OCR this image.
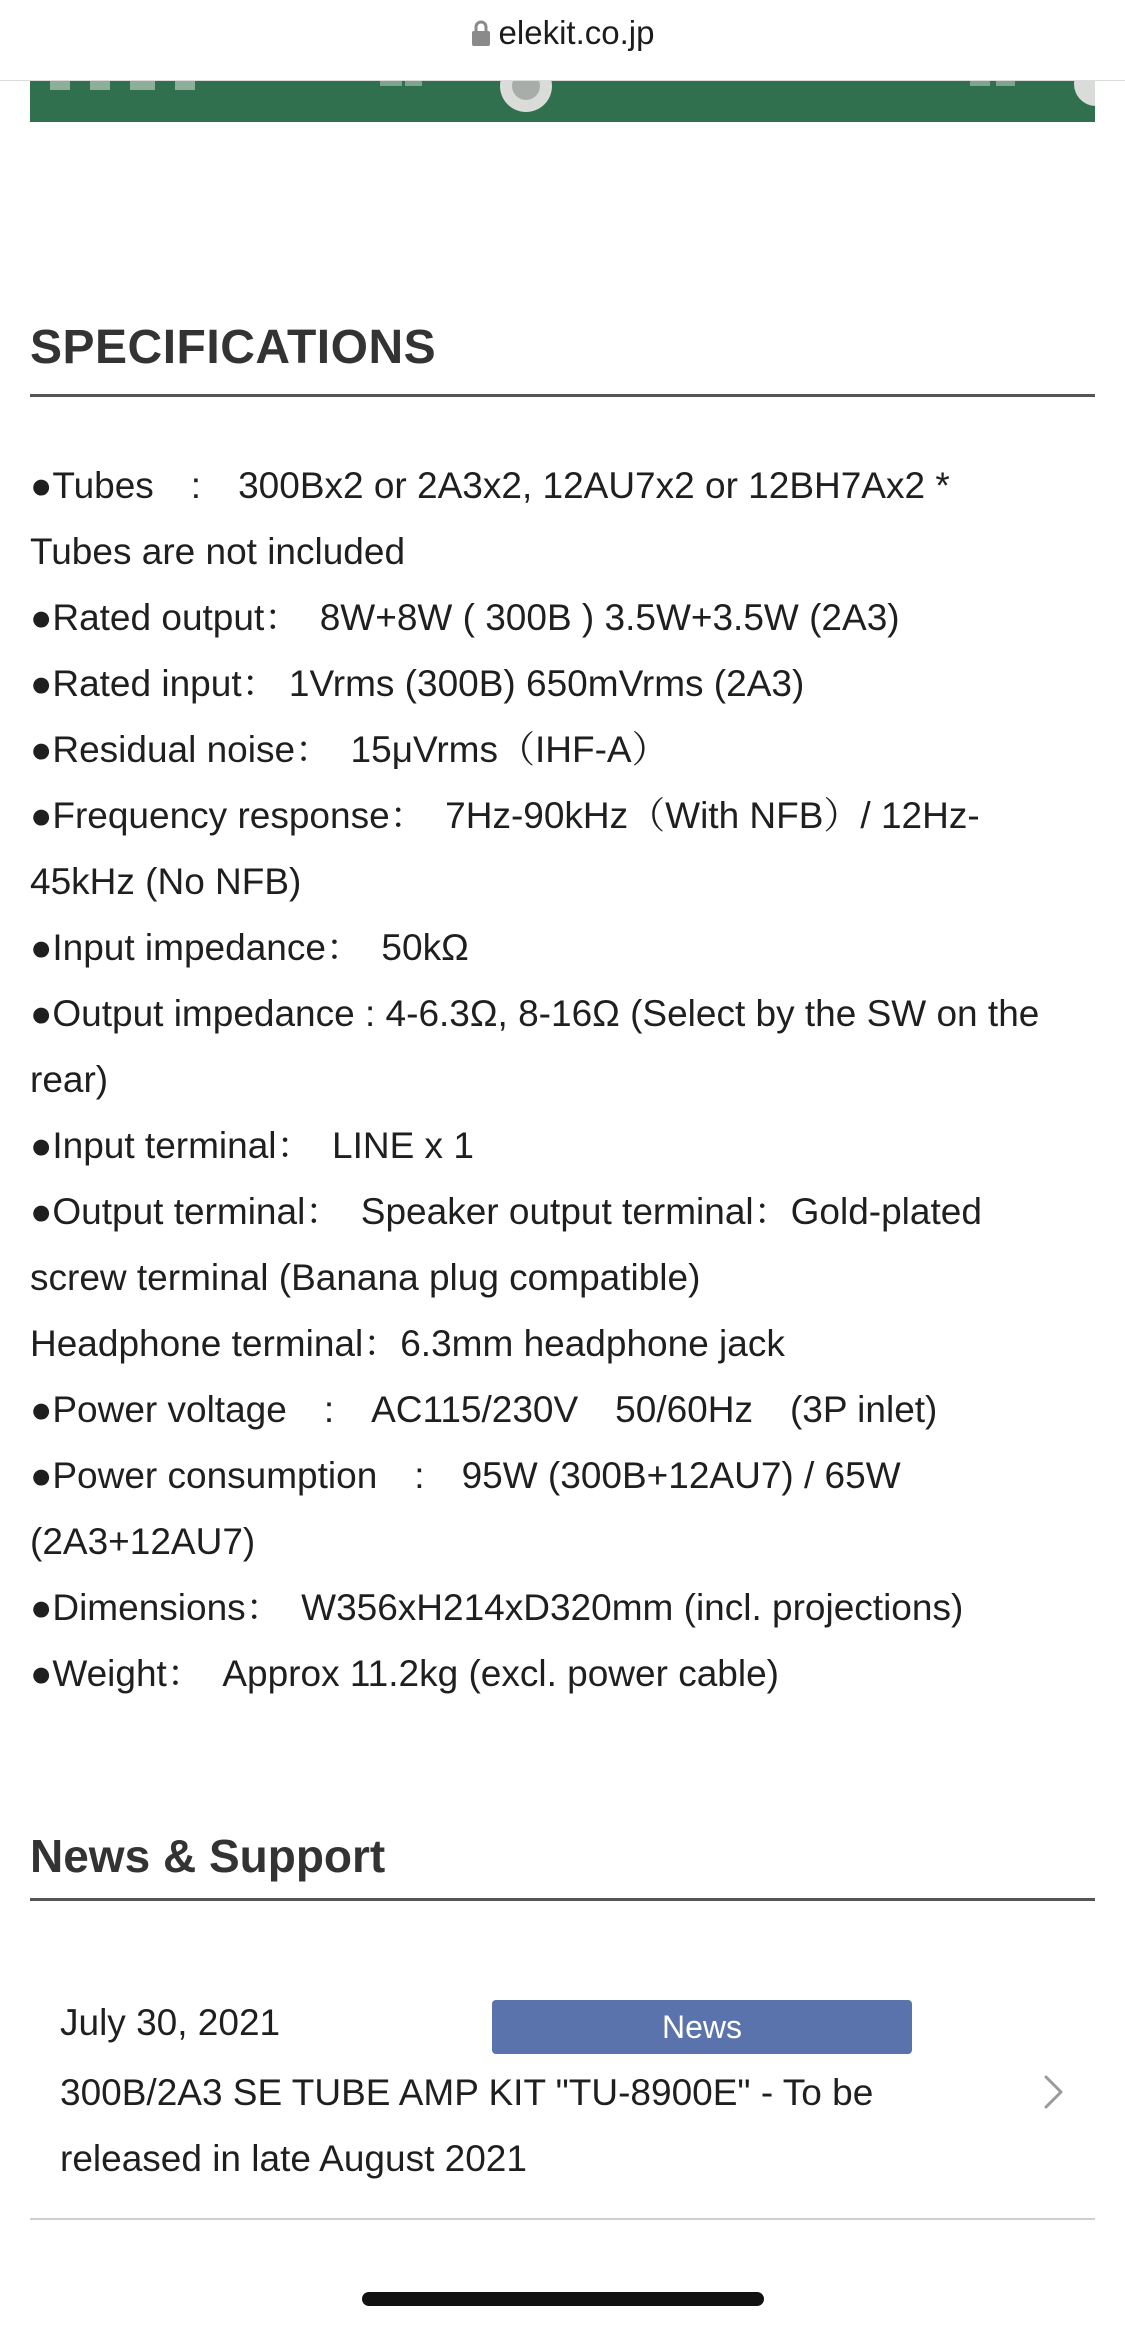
elekit.co.jp
SPECIFICATIONS
●Tubes　:　300Bx2 or 2A3x2, 12AU7x2 or 12BH7Ax2 *
Tubes are not included
●Rated output：　8W+8W ( 300B ) 3.5W+3.5W (2A3)
●Rated input： 1Vrms (300B) 650mVrms (2A3)
●Residual noise：　15μVrms（IHF-A）
●Frequency response：　7Hz-90kHz（With NFB）/ 12Hz-
45kHz (No NFB)
●Input impedance：　50kΩ
●Output impedance : 4-6.3Ω, 8-16Ω (Select by the SW on the
rear)
●Input terminal：　LINE x 1
●Output terminal：　Speaker output terminal：Gold-plated
screw terminal (Banana plug compatible)
Headphone terminal：6.3mm headphone jack
●Power voltage　:　AC115/230V　50/60Hz　(3P inlet)
●Power consumption　:　95W (300B+12AU7) / 65W
(2A3+12AU7)
●Dimensions：　W356xH214xD320mm (incl. projections)
●Weight：　Approx 11.2kg (excl. power cable)
News & Support
July 30, 2021	News
300B/2A3 SE TUBE AMP KIT "TU-8900E" - To be released in late August 2021
